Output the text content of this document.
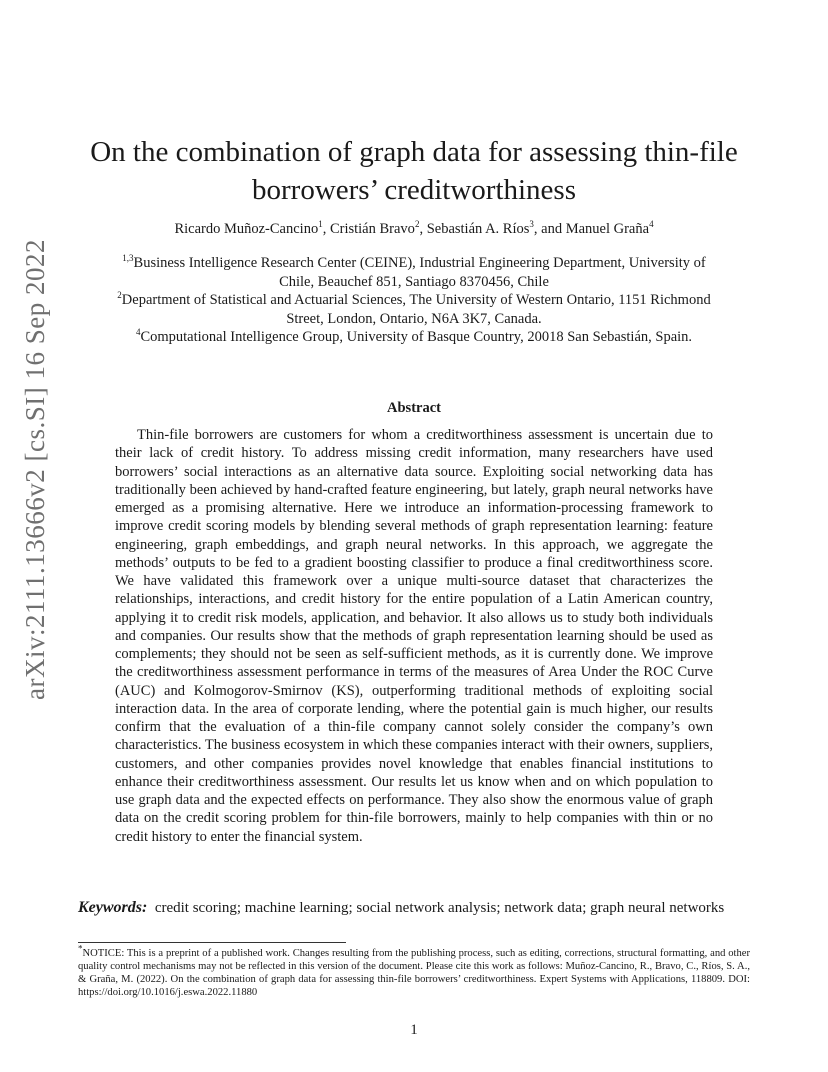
arXiv:2111.13666v2 [cs.SI] 16 Sep 2022
On the combination of graph data for assessing thin-file
borrowers’ creditworthiness
Ricardo Muñoz-Cancino$^1$, Cristián Bravo$^2$, Sebastián A. Ríos$^3$, and Manuel Graña$^4$
$^{1,3}$Business Intelligence Research Center (CEINE), Industrial Engineering Department, University of
Chile, Beauchef 851, Santiago 8370456, Chile
$^2$Department of Statistical and Actuarial Sciences, The University of Western Ontario, 1151 Richmond
Street, London, Ontario, N6A 3K7, Canada.
$^4$Computational Intelligence Group, University of Basque Country, 20018 San Sebastián, Spain.
Abstract

Thin-file borrowers are customers for whom a creditworthiness assessment is uncertain due to their lack of credit history. To address missing credit information, many researchers have used borrowers’ social interactions as an alternative data source. Exploiting social networking data has traditionally been achieved by hand-crafted feature engineering, but lately, graph neural networks have emerged as a promising alternative. Here we introduce an information-processing framework to improve credit scoring models by blending several methods of graph representation learning: feature engineering, graph embeddings, and graph neural networks. In this approach, we aggregate the methods’ outputs to be fed to a gradient boosting classifier to produce a final creditworthiness score. We have validated this framework over a unique multi-source dataset that characterizes the relationships, interactions, and credit history for the entire population of a Latin American country, applying it to credit risk models, application, and behavior. It also allows us to study both individuals and companies. Our results show that the methods of graph representation learning should be used as complements; they should not be seen as self-sufficient methods, as it is currently done. We improve the creditworthiness assessment performance in terms of the measures of Area Under the ROC Curve (AUC) and Kolmogorov-Smirnov (KS), outperforming traditional methods of exploiting social interaction data. In the area of corporate lending, where the potential gain is much higher, our results confirm that the evaluation of a thin-file company cannot solely consider the company’s own characteristics. The business ecosystem in which these companies interact with their owners, suppliers, customers, and other companies provides novel knowledge that enables financial institutions to enhance their creditworthiness assessment. Our results let us know when and on which population to use graph data and the expected effects on performance. They also show the enormous value of graph data on the credit scoring problem for thin-file borrowers, mainly to help companies with thin or no credit history to enter the financial system.

Keywords: credit scoring; machine learning; social network analysis; network data; graph neural networks

*NOTICE: This is a preprint of a published work. Changes resulting from the publishing process, such as editing, corrections, structural formatting, and other quality control mechanisms may not be reflected in this version of the document. Please cite this work as follows: Muñoz-Cancino, R., Bravo, C., Ríos, S. A., & Graña, M. (2022). On the combination of graph data for assessing thin-file borrowers’ creditworthiness. Expert Systems with Applications, 118809. DOI: https://doi.org/10.1016/j.eswa.2022.11880

1
